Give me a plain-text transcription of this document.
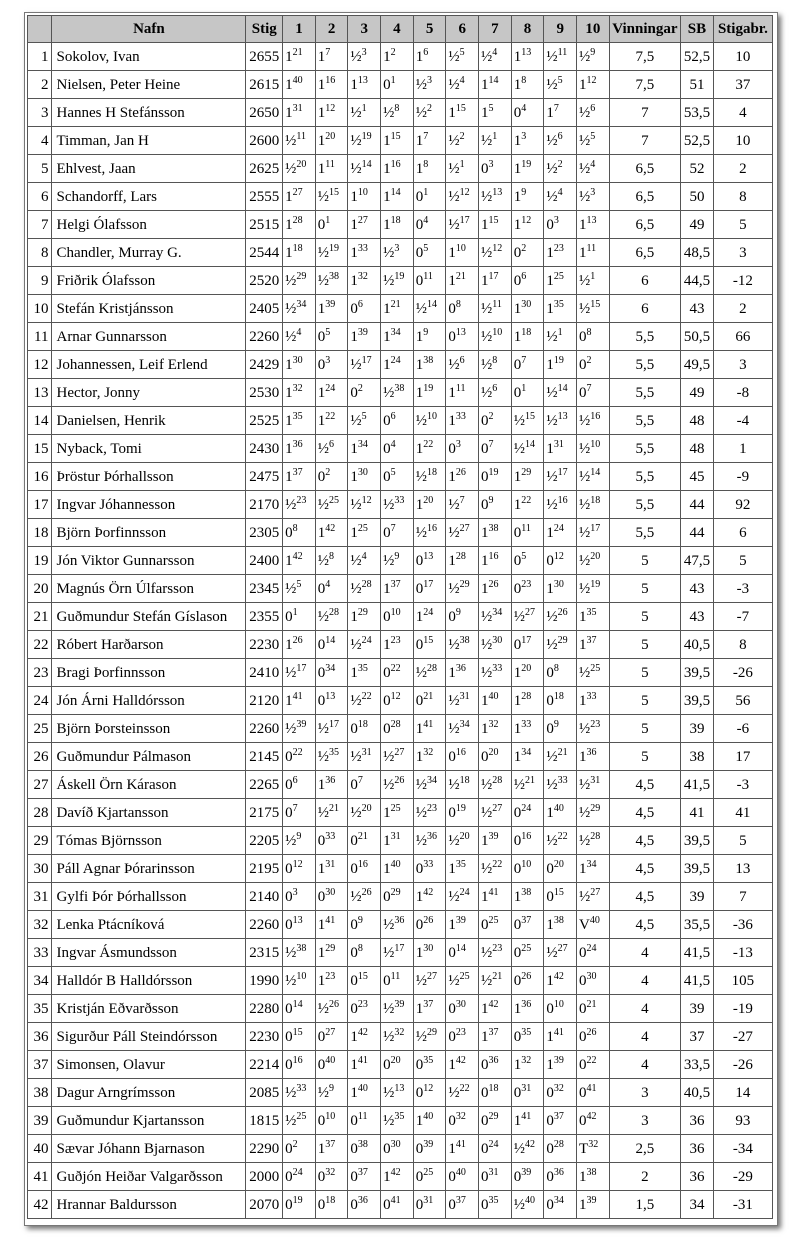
	Nafn	Stig	1	2	3	4	5	6	7	8	9	10	Vinningar	SB	Stigabr.
1	Sokolov, Ivan	2655	$1^{21}$	$1^7$	½$^3$	$1^2$	$1^6$	½$^5$	½$^4$	$1^{13}$	½$^{11}$	½$^9$	7,5	52,5	10
2	Nielsen, Peter Heine	2615	$1^{40}$	$1^{16}$	$1^{13}$	$0^1$	½$^3$	½$^4$	$1^{14}$	$1^8$	½$^5$	$1^{12}$	7,5	51	37
3	Hannes H Stefánsson	2650	$1^{31}$	$1^{12}$	½$^1$	½$^8$	½$^2$	$1^{15}$	$1^5$	$0^4$	$1^7$	½$^6$	7	53,5	4
4	Timman, Jan H	2600	½$^{11}$	$1^{20}$	½$^{19}$	$1^{15}$	$1^7$	½$^2$	½$^1$	$1^3$	½$^6$	½$^5$	7	52,5	10
5	Ehlvest, Jaan	2625	½$^{20}$	$1^{11}$	½$^{14}$	$1^{16}$	$1^8$	½$^1$	$0^3$	$1^{19}$	½$^2$	½$^4$	6,5	52	2
6	Schandorff, Lars	2555	$1^{27}$	½$^{15}$	$1^{10}$	$1^{14}$	$0^1$	½$^{12}$	½$^{13}$	$1^9$	½$^4$	½$^3$	6,5	50	8
7	Helgi Ólafsson	2515	$1^{28}$	$0^1$	$1^{27}$	$1^{18}$	$0^4$	½$^{17}$	$1^{15}$	$1^{12}$	$0^3$	$1^{13}$	6,5	49	5
8	Chandler, Murray G.	2544	$1^{18}$	½$^{19}$	$1^{33}$	½$^3$	$0^5$	$1^{10}$	½$^{12}$	$0^2$	$1^{23}$	$1^{11}$	6,5	48,5	3
9	Friðrik Ólafsson	2520	½$^{29}$	½$^{38}$	$1^{32}$	½$^{19}$	$0^{11}$	$1^{21}$	$1^{17}$	$0^6$	$1^{25}$	½$^1$	6	44,5	-12
10	Stefán Kristjánsson	2405	½$^{34}$	$1^{39}$	$0^6$	$1^{21}$	½$^{14}$	$0^8$	½$^{11}$	$1^{30}$	$1^{35}$	½$^{15}$	6	43	2
11	Arnar Gunnarsson	2260	½$^4$	$0^5$	$1^{39}$	$1^{34}$	$1^9$	$0^{13}$	½$^{10}$	$1^{18}$	½$^1$	$0^8$	5,5	50,5	66
12	Johannessen, Leif Erlend	2429	$1^{30}$	$0^3$	½$^{17}$	$1^{24}$	$1^{38}$	½$^6$	½$^8$	$0^7$	$1^{19}$	$0^2$	5,5	49,5	3
13	Hector, Jonny	2530	$1^{32}$	$1^{24}$	$0^2$	½$^{38}$	$1^{19}$	$1^{11}$	½$^6$	$0^1$	½$^{14}$	$0^7$	5,5	49	-8
14	Danielsen, Henrik	2525	$1^{35}$	$1^{22}$	½$^5$	$0^6$	½$^{10}$	$1^{33}$	$0^2$	½$^{15}$	½$^{13}$	½$^{16}$	5,5	48	-4
15	Nyback, Tomi	2430	$1^{36}$	½$^6$	$1^{34}$	$0^4$	$1^{22}$	$0^3$	$0^7$	½$^{14}$	$1^{31}$	½$^{10}$	5,5	48	1
16	Þröstur Þórhallsson	2475	$1^{37}$	$0^2$	$1^{30}$	$0^5$	½$^{18}$	$1^{26}$	$0^{19}$	$1^{29}$	½$^{17}$	½$^{14}$	5,5	45	-9
17	Ingvar Jóhannesson	2170	½$^{23}$	½$^{25}$	½$^{12}$	½$^{33}$	$1^{20}$	½$^7$	$0^9$	$1^{22}$	½$^{16}$	½$^{18}$	5,5	44	92
18	Björn Þorfinnsson	2305	$0^8$	$1^{42}$	$1^{25}$	$0^7$	½$^{16}$	½$^{27}$	$1^{38}$	$0^{11}$	$1^{24}$	½$^{17}$	5,5	44	6
19	Jón Viktor Gunnarsson	2400	$1^{42}$	½$^8$	½$^4$	½$^9$	$0^{13}$	$1^{28}$	$1^{16}$	$0^5$	$0^{12}$	½$^{20}$	5	47,5	5
20	Magnús Örn Úlfarsson	2345	½$^5$	$0^4$	½$^{28}$	$1^{37}$	$0^{17}$	½$^{29}$	$1^{26}$	$0^{23}$	$1^{30}$	½$^{19}$	5	43	-3
21	Guðmundur Stefán Gíslason	2355	$0^1$	½$^{28}$	$1^{29}$	$0^{10}$	$1^{24}$	$0^9$	½$^{34}$	½$^{27}$	½$^{26}$	$1^{35}$	5	43	-7
22	Róbert Harðarson	2230	$1^{26}$	$0^{14}$	½$^{24}$	$1^{23}$	$0^{15}$	½$^{38}$	½$^{30}$	$0^{17}$	½$^{29}$	$1^{37}$	5	40,5	8
23	Bragi Þorfinnsson	2410	½$^{17}$	$0^{34}$	$1^{35}$	$0^{22}$	½$^{28}$	$1^{36}$	½$^{33}$	$1^{20}$	$0^8$	½$^{25}$	5	39,5	-26
24	Jón Árni Halldórsson	2120	$1^{41}$	$0^{13}$	½$^{22}$	$0^{12}$	$0^{21}$	½$^{31}$	$1^{40}$	$1^{28}$	$0^{18}$	$1^{33}$	5	39,5	56
25	Björn Þorsteinsson	2260	½$^{39}$	½$^{17}$	$0^{18}$	$0^{28}$	$1^{41}$	½$^{34}$	$1^{32}$	$1^{33}$	$0^9$	½$^{23}$	5	39	-6
26	Guðmundur Pálmason	2145	$0^{22}$	½$^{35}$	½$^{31}$	½$^{27}$	$1^{32}$	$0^{16}$	$0^{20}$	$1^{34}$	½$^{21}$	$1^{36}$	5	38	17
27	Áskell Örn Kárason	2265	$0^6$	$1^{36}$	$0^7$	½$^{26}$	½$^{34}$	½$^{18}$	½$^{28}$	½$^{21}$	½$^{33}$	½$^{31}$	4,5	41,5	-3
28	Davíð Kjartansson	2175	$0^7$	½$^{21}$	½$^{20}$	$1^{25}$	½$^{23}$	$0^{19}$	½$^{27}$	$0^{24}$	$1^{40}$	½$^{29}$	4,5	41	41
29	Tómas Björnsson	2205	½$^9$	$0^{33}$	$0^{21}$	$1^{31}$	½$^{36}$	½$^{20}$	$1^{39}$	$0^{16}$	½$^{22}$	½$^{28}$	4,5	39,5	5
30	Páll Agnar Þórarinsson	2195	$0^{12}$	$1^{31}$	$0^{16}$	$1^{40}$	$0^{33}$	$1^{35}$	½$^{22}$	$0^{10}$	$0^{20}$	$1^{34}$	4,5	39,5	13
31	Gylfi Þór Þórhallsson	2140	$0^3$	$0^{30}$	½$^{26}$	$0^{29}$	$1^{42}$	½$^{24}$	$1^{41}$	$1^{38}$	$0^{15}$	½$^{27}$	4,5	39	7
32	Lenka Ptácníková	2260	$0^{13}$	$1^{41}$	$0^9$	½$^{36}$	$0^{26}$	$1^{39}$	$0^{25}$	$0^{37}$	$1^{38}$	$V^{40}$	4,5	35,5	-36
33	Ingvar Ásmundsson	2315	½$^{38}$	$1^{29}$	$0^8$	½$^{17}$	$1^{30}$	$0^{14}$	½$^{23}$	$0^{25}$	½$^{27}$	$0^{24}$	4	41,5	-13
34	Halldór B Halldórsson	1990	½$^{10}$	$1^{23}$	$0^{15}$	$0^{11}$	½$^{27}$	½$^{25}$	½$^{21}$	$0^{26}$	$1^{42}$	$0^{30}$	4	41,5	105
35	Kristján Eðvarðsson	2280	$0^{14}$	½$^{26}$	$0^{23}$	½$^{39}$	$1^{37}$	$0^{30}$	$1^{42}$	$1^{36}$	$0^{10}$	$0^{21}$	4	39	-19
36	Sigurður Páll Steindórsson	2230	$0^{15}$	$0^{27}$	$1^{42}$	½$^{32}$	½$^{29}$	$0^{23}$	$1^{37}$	$0^{35}$	$1^{41}$	$0^{26}$	4	37	-27
37	Simonsen, Olavur	2214	$0^{16}$	$0^{40}$	$1^{41}$	$0^{20}$	$0^{35}$	$1^{42}$	$0^{36}$	$1^{32}$	$1^{39}$	$0^{22}$	4	33,5	-26
38	Dagur Arngrímsson	2085	½$^{33}$	½$^9$	$1^{40}$	½$^{13}$	$0^{12}$	½$^{22}$	$0^{18}$	$0^{31}$	$0^{32}$	$0^{41}$	3	40,5	14
39	Guðmundur Kjartansson	1815	½$^{25}$	$0^{10}$	$0^{11}$	½$^{35}$	$1^{40}$	$0^{32}$	$0^{29}$	$1^{41}$	$0^{37}$	$0^{42}$	3	36	93
40	Sævar Jóhann Bjarnason	2290	$0^2$	$1^{37}$	$0^{38}$	$0^{30}$	$0^{39}$	$1^{41}$	$0^{24}$	½$^{42}$	$0^{28}$	$T^{32}$	2,5	36	-34
41	Guðjón Heiðar Valgarðsson	2000	$0^{24}$	$0^{32}$	$0^{37}$	$1^{42}$	$0^{25}$	$0^{40}$	$0^{31}$	$0^{39}$	$0^{36}$	$1^{38}$	2	36	-29
42	Hrannar Baldursson	2070	$0^{19}$	$0^{18}$	$0^{36}$	$0^{41}$	$0^{31}$	$0^{37}$	$0^{35}$	½$^{40}$	$0^{34}$	$1^{39}$	1,5	34	-31
